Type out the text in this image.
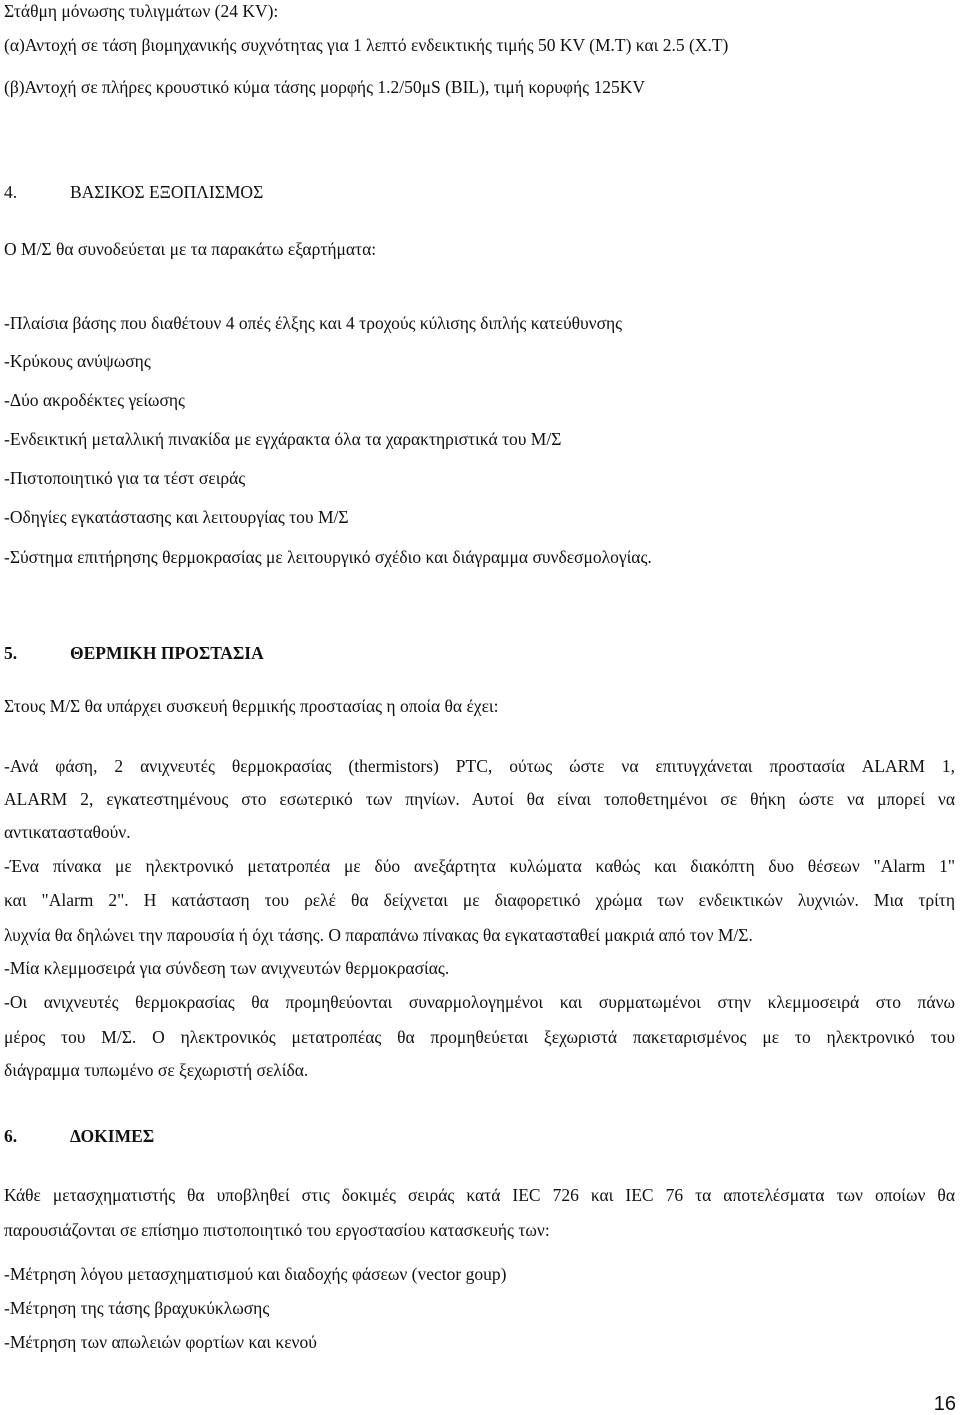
Στάθμη μόνωσης τυλιγμάτων (24 KV):
(α)Αντοχή σε τάση βιομηχανικής συχνότητας για 1 λεπτό ενδεικτικής τιμής 50 KV (M.T) και 2.5 (X.T)
(β)Αντοχή σε πλήρες κρουστικό κύμα τάσης μορφής 1.2/50μS (BIL), τιμή κορυφής 125KV
4.	ΒΑΣΙΚΟΣ ΕΞΟΠΛΙΣΜΟΣ
Ο Μ/Σ θα συνοδεύεται με τα παρακάτω εξαρτήματα:
-Πλαίσια βάσης που διαθέτουν 4 οπές έλξης και 4 τροχούς κύλισης διπλής κατεύθυνσης
-Κρύκους ανύψωσης
-Δύο ακροδέκτες γείωσης
-Ενδεικτική μεταλλική πινακίδα με εγχάρακτα όλα τα χαρακτηριστικά του Μ/Σ
-Πιστοποιητικό για τα τέστ σειράς
-Οδηγίες εγκατάστασης και λειτουργίας του Μ/Σ
-Σύστημα επιτήρησης θερμοκρασίας με λειτουργικό σχέδιο και διάγραμμα συνδεσμολογίας.
5.	ΘΕΡΜΙΚΗ ΠΡΟΣΤΑΣΙΑ
Στους Μ/Σ θα υπάρχει συσκευή θερμικής προστασίας η οποία θα έχει:
-Ανά φάση, 2 ανιχνευτές θερμοκρασίας (thermistors) PTC, ούτως ώστε να επιτυγχάνεται προστασία ALARM 1,
ALARM 2, εγκατεστημένους στο εσωτερικό των πηνίων. Αυτοί θα είναι τοποθετημένοι σε θήκη ώστε να μπορεί να
αντικατασταθούν.
-Ένα πίνακα με ηλεκτρονικό μετατροπέα με δύο ανεξάρτητα κυλώματα καθώς και διακόπτη δυο θέσεων "Alarm 1"
και "Alarm 2". Η κατάσταση του ρελέ θα δείχνεται με διαφορετικό χρώμα των ενδεικτικών λυχνιών. Μια τρίτη
λυχνία θα δηλώνει την παρουσία ή όχι τάσης. Ο παραπάνω πίνακας θα εγκατασταθεί μακριά από τον Μ/Σ.
-Μία κλεμμοσειρά για σύνδεση των ανιχνευτών θερμοκρασίας.
-Οι ανιχνευτές θερμοκρασίας θα προμηθεύονται συναρμολογημένοι και συρματωμένοι στην κλεμμοσειρά στο πάνω
μέρος του Μ/Σ. Ο ηλεκτρονικός μετατροπέας θα προμηθεύεται ξεχωριστά πακεταρισμένος με το ηλεκτρονικό του
διάγραμμα τυπωμένο σε ξεχωριστή σελίδα.
6.	ΔΟΚΙΜΕΣ
Κάθε μετασχηματιστής θα υποβληθεί στις δοκιμές σειράς κατά IEC 726 και IEC 76 τα αποτελέσματα των οποίων θα
παρουσιάζονται σε επίσημο πιστοποιητικό του εργοστασίου κατασκευής των:
-Μέτρηση λόγου μετασχηματισμού και διαδοχής φάσεων (vector goup)
-Μέτρηση της τάσης βραχυκύκλωσης
-Μέτρηση των απωλειών φορτίων και κενού
16
